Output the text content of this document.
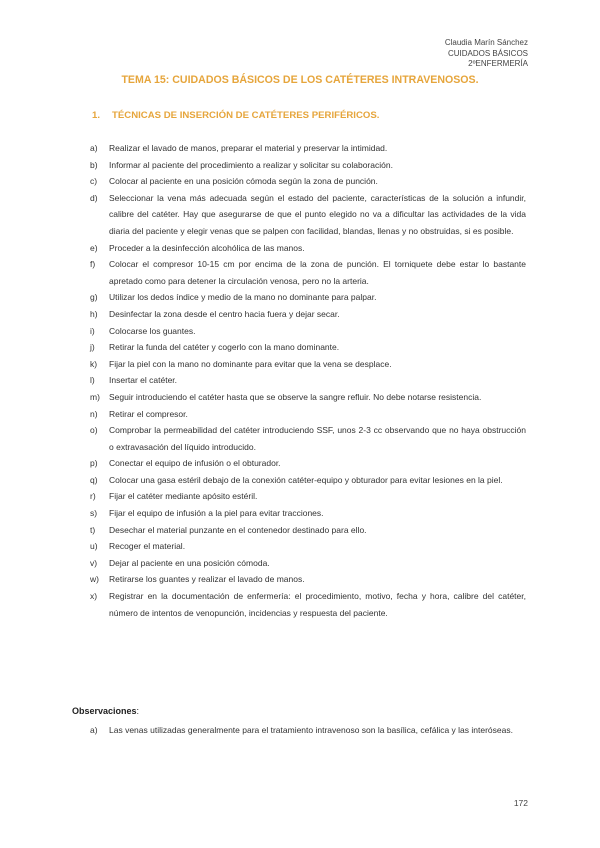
Claudia Marín Sánchez
CUIDADOS BÁSICOS
2ºENFERMERÍA
TEMA 15: CUIDADOS BÁSICOS DE LOS CATÉTERES INTRAVENOSOS.
1. TÉCNICAS DE INSERCIÓN DE CATÉTERES PERIFÉRICOS.
a) Realizar el lavado de manos, preparar el material y preservar la intimidad.
b) Informar al paciente del procedimiento a realizar y solicitar su colaboración.
c) Colocar al paciente en una posición cómoda según la zona de punción.
d) Seleccionar la vena más adecuada según el estado del paciente, características de la solución a infundir, calibre del catéter. Hay que asegurarse de que el punto elegido no va a dificultar las actividades de la vida diaria del paciente y elegir venas que se palpen con facilidad, blandas, llenas y no obstruidas, si es posible.
e) Proceder a la desinfección alcohólica de las manos.
f) Colocar el compresor 10-15 cm por encima de la zona de punción. El torniquete debe estar lo bastante apretado como para detener la circulación venosa, pero no la arteria.
g) Utilizar los dedos índice y medio de la mano no dominante para palpar.
h) Desinfectar la zona desde el centro hacia fuera y dejar secar.
i) Colocarse los guantes.
j) Retirar la funda del catéter y cogerlo con la mano dominante.
k) Fijar la piel con la mano no dominante para evitar que la vena se desplace.
l) Insertar el catéter.
m) Seguir introduciendo el catéter hasta que se observe la sangre refluir. No debe notarse resistencia.
n) Retirar el compresor.
o) Comprobar la permeabilidad del catéter introduciendo SSF, unos 2-3 cc observando que no haya obstrucción o extravasación del líquido introducido.
p) Conectar el equipo de infusión o el obturador.
q) Colocar una gasa estéril debajo de la conexión catéter-equipo y obturador para evitar lesiones en la piel.
r) Fijar el catéter mediante apósito estéril.
s) Fijar el equipo de infusión a la piel para evitar tracciones.
t) Desechar el material punzante en el contenedor destinado para ello.
u) Recoger el material.
v) Dejar al paciente en una posición cómoda.
w) Retirarse los guantes y realizar el lavado de manos.
x) Registrar en la documentación de enfermería: el procedimiento, motivo, fecha y hora, calibre del catéter, número de intentos de venopunción, incidencias y respuesta del paciente.
Observaciones:
a) Las venas utilizadas generalmente para el tratamiento intravenoso son la basílica, cefálica y las interóseas.
172
